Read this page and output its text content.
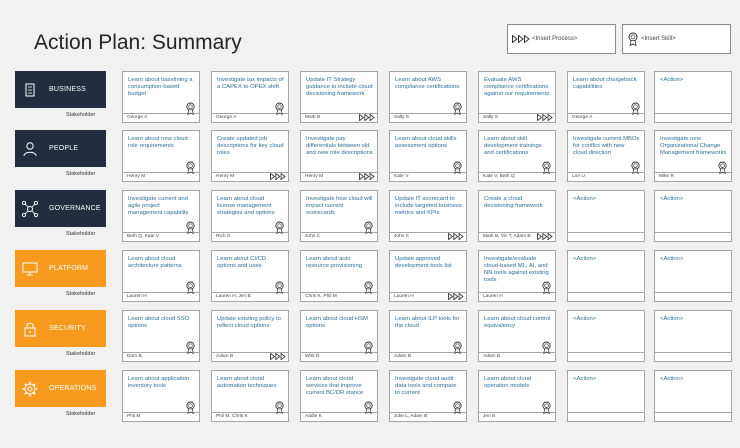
Action Plan: Summary	<Insert Process>	<Insert Skill>
BUSINESS
Stakeholder
Learn about baselining a consumption-based budget
George A
Investigate tax impacts of a CAPEX to OPEX shift
George A
Update IT Strategy guidance to include cloud decisioning framework
Mark B
Learn about AWS compliance certifications
Sally S
Evaluate AWS compliance certifications against our requirements
Sally S
Learn about chargeback capabilities
George A
<Action>
PEOPLE
Stakeholder
Learn about new cloud role requirements
Henry M
Create updated job descriptions for key cloud roles
Henry M
Investigate pay differentials between old and new role descriptions
Henry M
Learn about cloud skills assessment options
Kate V
Learn about skill development trainings and certifications
Kate V, Beth Q
Investigate current MBOs for conflict with new cloud direction
Lori U
Investigate new Organizational Change Management frameworks
Mike R
GOVERNANCE
Stakeholder
Investigate current and agile project management capability
Beth Q, Kate V
Learn about cloud license management strategies and options
Rich G
Investigate how cloud will impact current scorecards
John C
Update IT scorecard to include targeted business metrics and KPIs
John C
Create a cloud decisioning framework
Mark B, Vic T, Adam B
<Action>	<Action>
PLATFORM
Stakeholder
Learn about cloud architecture patterns
Lauren H
Learn about CI/CD options and uses
Lauren H, Jen B
Learn about auto resource provisioning
Chris K, Phil M
Update approved development tools list
Lauren H
Investigate/evaluate cloud-based ML, AI, and NN tools against existing tools
Lauren H
<Action>	<Action>
SECURITY
Stakeholder
Learn about cloud SSO options
Dom B
Update existing policy to reflect cloud options
Adam B
Learn about cloud HSM options
Whit D
Learn about ILP tools for the cloud
Adam B
Learn about cloud control equivalency
Adam B
<Action>	<Action>
OPERATIONS
Stakeholder
Learn about application inventory tools
Phil M
Learn about cloud automation techniques
Phil M, Chris K
Learn about cloud services that improve current BC/DR stance
Addie K
Investigate cloud audit data tools and compare to current
Julie L, Adam B
Learn about cloud operation models
Jen B
<Action>	<Action>
